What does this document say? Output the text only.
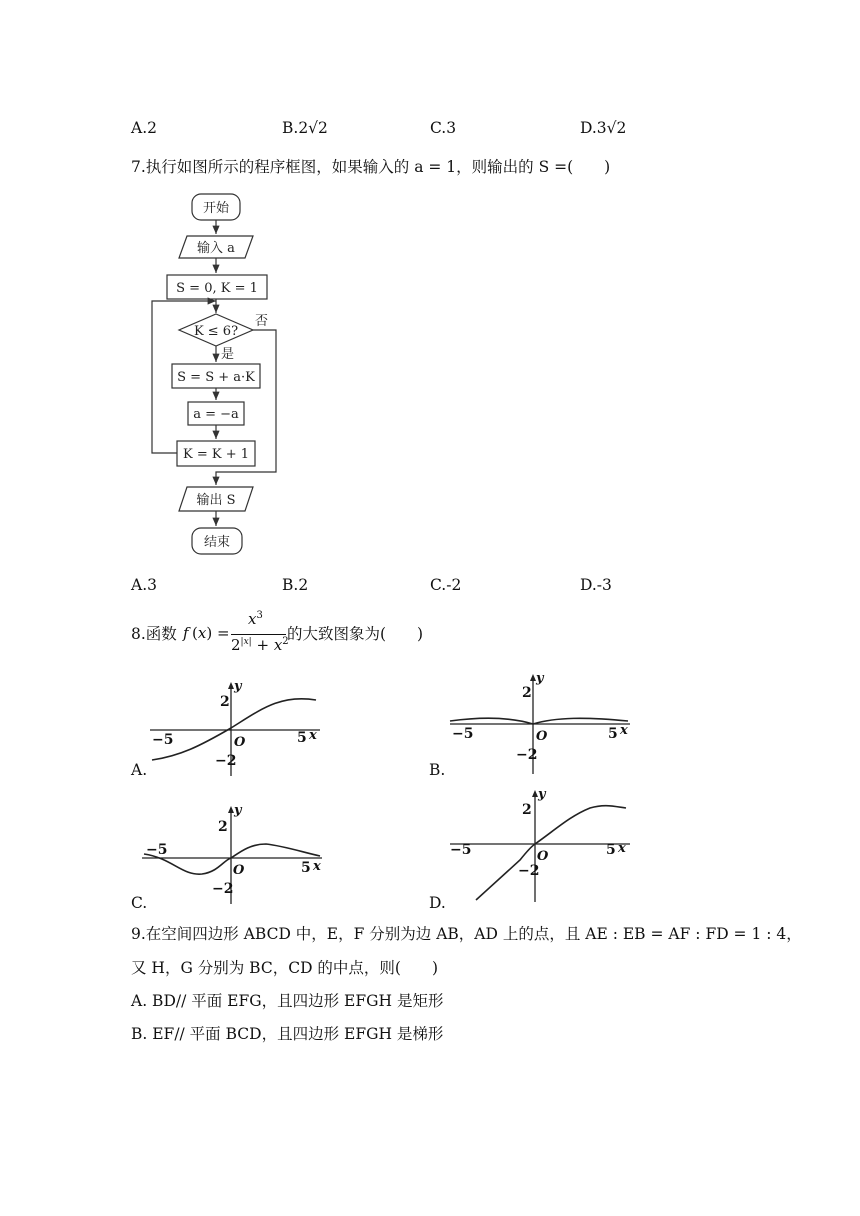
A.2	B.2√2	C.3	D.3√2
7.执行如图所示的程序框图，如果输入的 a = 1，则输出的 S =(　　)
开始
输入 a
S = 0, K = 1
K ≤ 6?
否
是
S = S + a·K
a = −a
K = K + 1
输出 S
结束
A.3	B.2	C.-2	D.-3
8.函数 f (x) =
$x^3$
$2^{|x|} + x^2$
的大致图象为(　　)
y
2
−2
−5	5 x
O
A.
y
2
−2
−5	5 x
O
B.
y
2
−2
−5
5 x
O
C.
y
2
−2
−5	5 x
O
D.
9.在空间四边形 ABCD 中，E，F 分别为边 AB，AD 上的点，且 AE : EB = AF : FD = 1 : 4，
又 H，G 分别为 BC，CD 的中点，则(　　)
A. BD// 平面 EFG，且四边形 EFGH 是矩形
B. EF// 平面 BCD，且四边形 EFGH 是梯形
